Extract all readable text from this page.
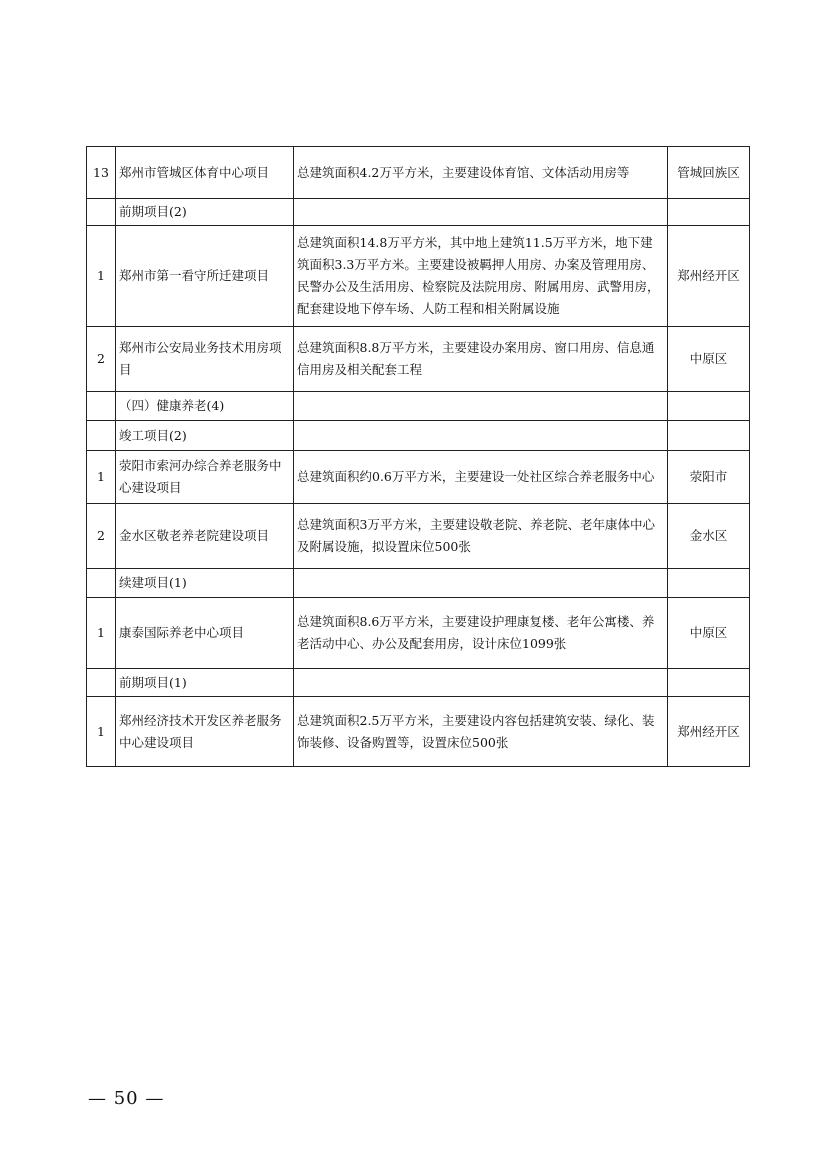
13	郑州市管城区体育中心项目	总建筑面积4.2万平方米，主要建设体育馆、文体活动用房等	管城回族区
	前期项目(2)		
1	郑州市第一看守所迁建项目	总建筑面积14.8万平方米，其中地上建筑11.5万平方米，地下建筑面积3.3万平方米。主要建设被羁押人用房、办案及管理用房、民警办公及生活用房、检察院及法院用房、附属用房、武警用房，配套建设地下停车场、人防工程和相关附属设施	郑州经开区
2	郑州市公安局业务技术用房项目	总建筑面积8.8万平方米，主要建设办案用房、窗口用房、信息通信用房及相关配套工程	中原区
	（四）健康养老(4)		
	竣工项目(2)		
1	荥阳市索河办综合养老服务中心建设项目	总建筑面积约0.6万平方米，主要建设一处社区综合养老服务中心	荥阳市
2	金水区敬老养老院建设项目	总建筑面积3万平方米，主要建设敬老院、养老院、老年康体中心及附属设施，拟设置床位500张	金水区
	续建项目(1)		
1	康泰国际养老中心项目	总建筑面积8.6万平方米，主要建设护理康复楼、老年公寓楼、养老活动中心、办公及配套用房，设计床位1099张	中原区
	前期项目(1)		
1	郑州经济技术开发区养老服务中心建设项目	总建筑面积2.5万平方米，主要建设内容包括建筑安装、绿化、装饰装修、设备购置等，设置床位500张	郑州经开区
— 50 —
